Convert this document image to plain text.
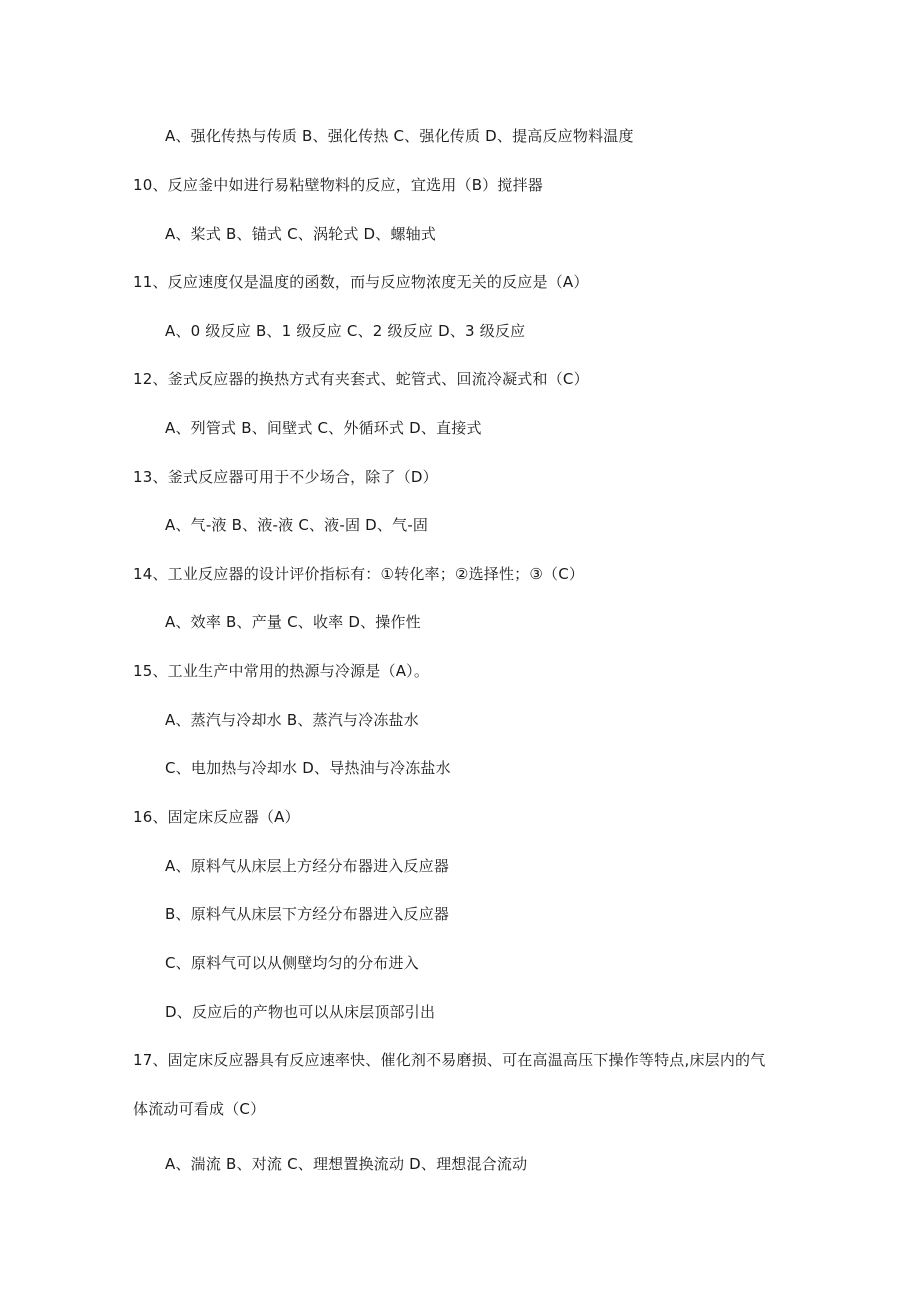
A、强化传热与传质 B、强化传热 C、强化传质 D、提高反应物料温度
10、反应釜中如进行易粘壁物料的反应，宜选用（B）搅拌器
A、桨式 B、锚式 C、涡轮式 D、螺轴式
11、反应速度仅是温度的函数，而与反应物浓度无关的反应是（A）
A、0 级反应 B、1 级反应 C、2 级反应 D、3 级反应
12、釜式反应器的换热方式有夹套式、蛇管式、回流冷凝式和（C）
A、列管式 B、间壁式 C、外循环式 D、直接式
13、釜式反应器可用于不少场合，除了（D）
A、气-液 B、液-液 C、液-固 D、气-固
14、工业反应器的设计评价指标有：①转化率；②选择性；③（C）
A、效率 B、产量 C、收率 D、操作性
15、工业生产中常用的热源与冷源是（A）。
A、蒸汽与冷却水 B、蒸汽与冷冻盐水
C、电加热与冷却水 D、导热油与冷冻盐水
16、固定床反应器（A）
A、原料气从床层上方经分布器进入反应器
B、原料气从床层下方经分布器进入反应器
C、原料气可以从侧壁均匀的分布进入
D、反应后的产物也可以从床层顶部引出
17、固定床反应器具有反应速率快、催化剂不易磨损、可在高温高压下操作等特点,床层内的气
体流动可看成（C）
A、湍流 B、对流 C、理想置换流动 D、理想混合流动
